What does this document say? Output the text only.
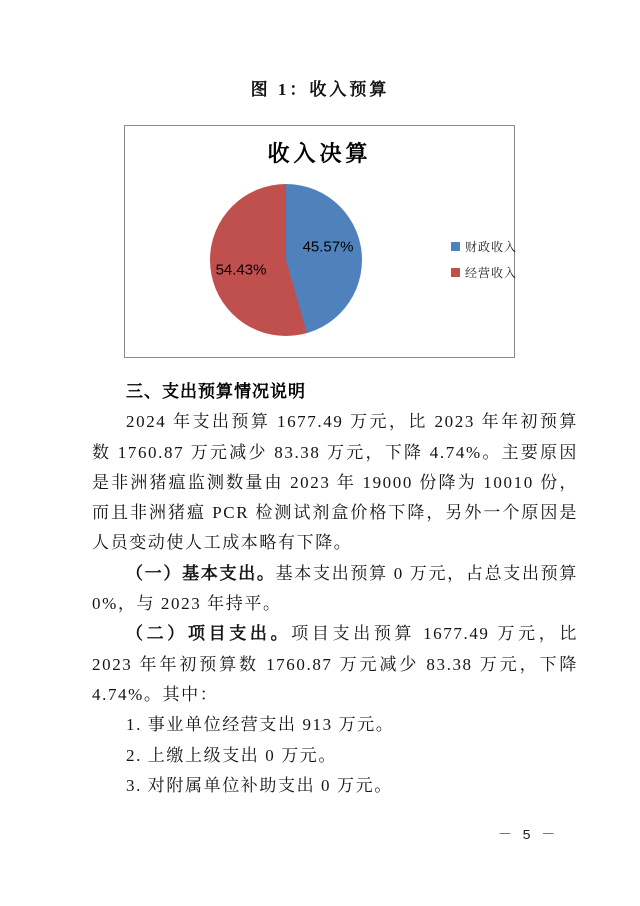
图 1：收入预算
收入决算
45.57%
54.43%
财政收入
经营收入

三、支出预算情况说明

2024 年支出预算 1677.49 万元，比 2023 年年初预算数 1760.87 万元减少 83.38 万元，下降 4.74%。主要原因是非洲猪瘟监测数量由 2023 年 19000 份降为 10010 份，而且非洲猪瘟 PCR 检测试剂盒价格下降，另外一个原因是人员变动使人工成本略有下降。

（一）基本支出。基本支出预算 0 万元，占总支出预算 0%，与 2023 年持平。

（二）项目支出。项目支出预算 1677.49 万元，比 2023 年年初预算数 1760.87 万元减少 83.38 万元，下降 4.74%。其中：

1. 事业单位经营支出 913 万元。

2. 上缴上级支出 0 万元。

3. 对附属单位补助支出 0 万元。

－ 5 －
